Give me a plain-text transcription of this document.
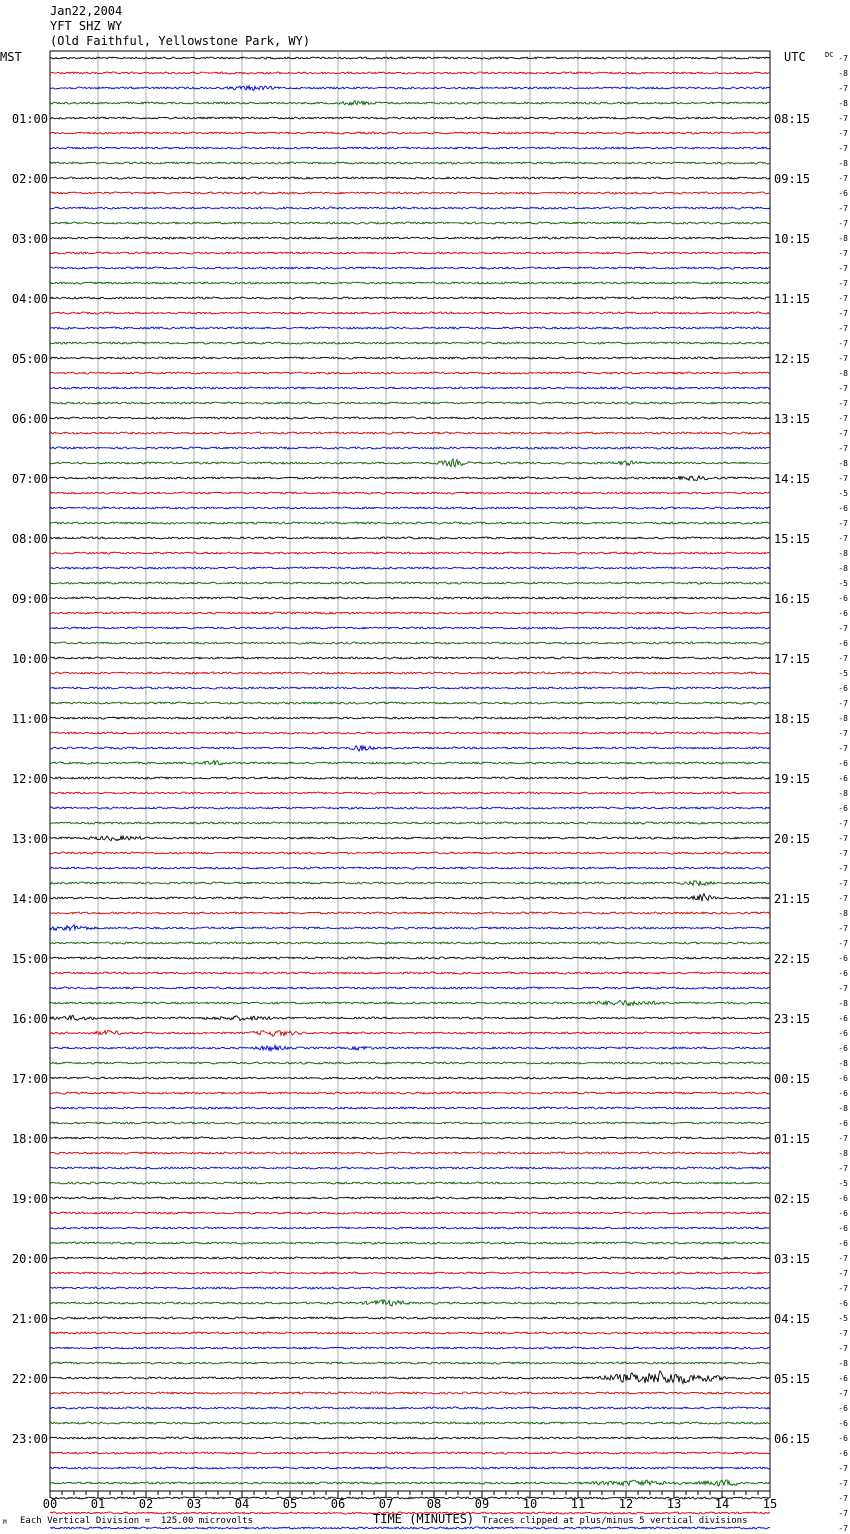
Jan22,2004
YFT SHZ WY
(Old Faithful, Yellowstone Park, WY)
MST	UTC	DC
00	01	02	03	04	05	06	07	08	09	10	11	12	13	14	15
-7
-8
-7
-8
-7
-7
-7
-8
-7
-6
-7
-7
-8
-7
-7
-7
-7
-7
-7
-7
-7
-8
-7
-7
-7
-7
-7
-8
-7
-5
-6
-7
-7
-8
-8
-5
-6
-6
-7
-6
-7
-5
-6
-7
-8
-7
-7
-6
-6
-8
-6
-7
-7
-7
-7
-7
-7
-8
-7
-7
-6
-6
-7
-8
-6
-6
-6
-8
-6
-6
-8
-6
-7
-8
-7
-5
-6
-6
-6
-6
-7
-7
-7
-6
-5
-7
-7
-8
-6
-7
-6
-6
-6
-6
-7
-7
-7
-7
-7
01:00
02:00
03:00
04:00
05:00
06:00
07:00
08:00
09:00
10:00
11:00
12:00
13:00
14:00
15:00
16:00
17:00
18:00
19:00
20:00
21:00
22:00
23:00
08:15
09:15
10:15
11:15
12:15
13:15
14:15
15:15
16:15
17:15
18:15
19:15
20:15
21:15
22:15
23:15
00:15
01:15
02:15
03:15
04:15
05:15
06:15
TIME (MINUTES)
Each Vertical Division =  125.00 microvolts	Traces clipped at plus/minus 5 vertical divisions
M
